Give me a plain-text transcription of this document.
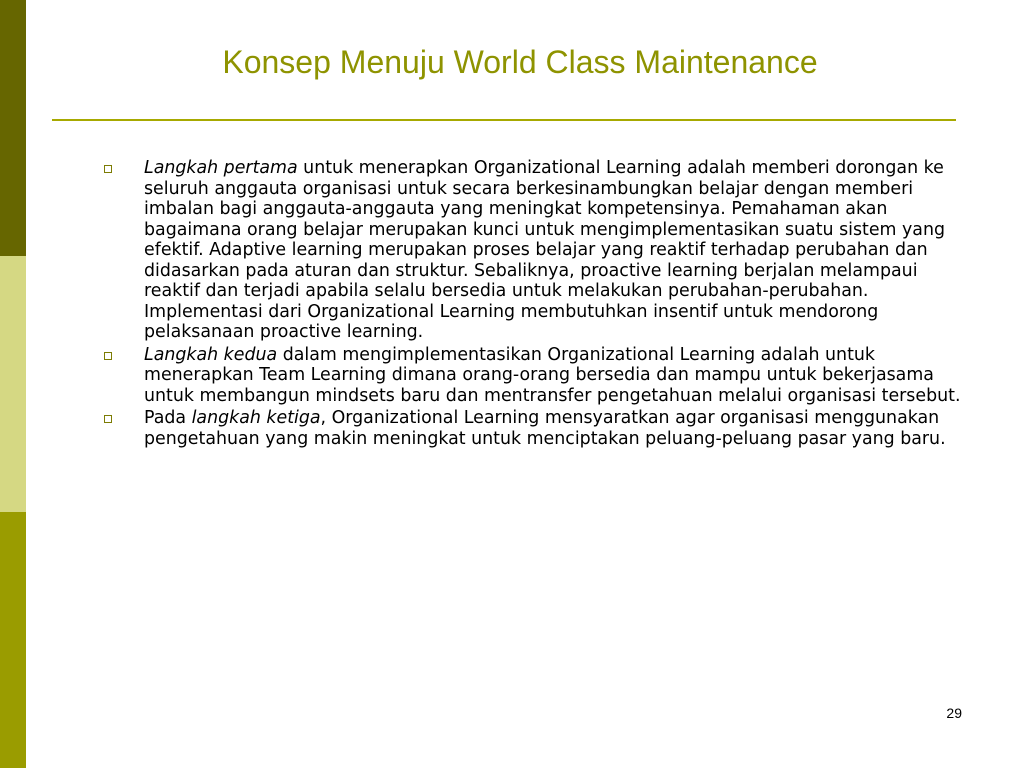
Konsep Menuju World Class Maintenance
Langkah pertama untuk menerapkan Organizational Learning adalah memberi dorongan ke seluruh anggauta organisasi untuk secara berkesinambungkan belajar dengan memberi imbalan bagi anggauta-anggauta yang meningkat kompetensinya. Pemahaman akan bagaimana orang belajar merupakan kunci untuk mengimplementasikan suatu sistem yang efektif. Adaptive learning merupakan proses belajar yang reaktif terhadap perubahan dan didasarkan pada aturan dan struktur. Sebaliknya, proactive learning berjalan melampaui reaktif dan terjadi apabila selalu bersedia untuk melakukan perubahan-perubahan. Implementasi dari Organizational Learning membutuhkan insentif untuk mendorong pelaksanaan proactive learning.
Langkah kedua dalam mengimplementasikan Organizational Learning adalah untuk menerapkan Team Learning dimana orang-orang bersedia dan mampu untuk bekerjasama untuk membangun mindsets baru dan mentransfer pengetahuan melalui organisasi tersebut.
Pada langkah ketiga, Organizational Learning mensyaratkan agar organisasi menggunakan pengetahuan yang makin meningkat untuk menciptakan peluang-peluang pasar yang baru.
29
